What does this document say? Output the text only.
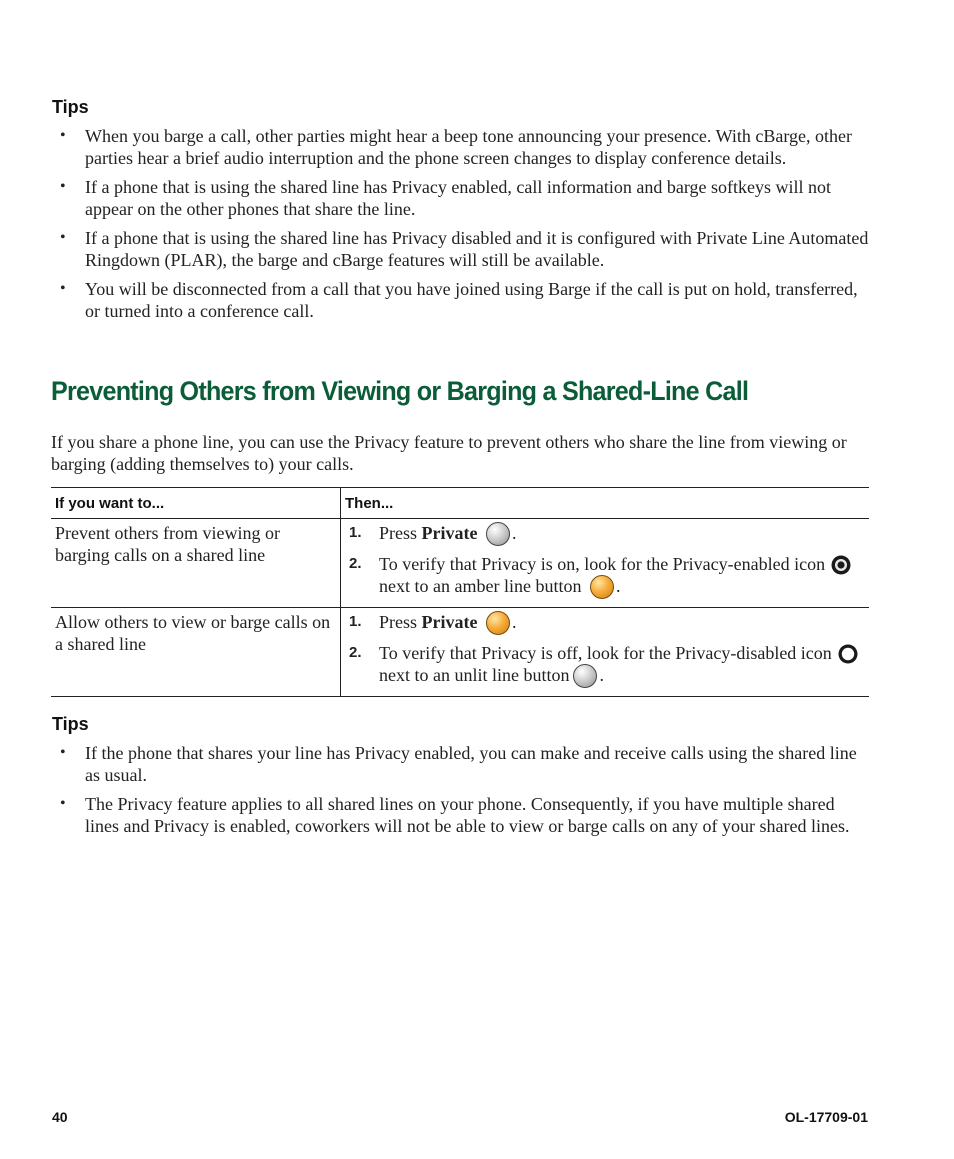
Tips
• When you barge a call, other parties might hear a beep tone announcing your presence. With cBarge, other parties hear a brief audio interruption and the phone screen changes to display conference details.
• If a phone that is using the shared line has Privacy enabled, call information and barge softkeys will not appear on the other phones that share the line.
• If a phone that is using the shared line has Privacy disabled and it is configured with Private Line Automated Ringdown (PLAR), the barge and cBarge features will still be available.
• You will be disconnected from a call that you have joined using Barge if the call is put on hold, transferred, or turned into a conference call.
Preventing Others from Viewing or Barging a Shared-Line Call

If you share a phone line, you can use the Privacy feature to prevent others who share the line from viewing or barging (adding themselves to) your calls.

If you want to...	Then...
Prevent others from viewing or barging calls on a shared line	1. Press Private .
2. To verify that Privacy is on, look for the Privacy-enabled iconnext to an amber line button .

Allow others to view or barge calls on a shared line	1. Press Private .
2. To verify that Privacy is off, look for the Privacy-disabled iconnext to an unlit line button .
Tips
• If the phone that shares your line has Privacy enabled, you can make and receive calls using the shared line as usual.
• The Privacy feature applies to all shared lines on your phone. Consequently, if you have multiple shared lines and Privacy is enabled, coworkers will not be able to view or barge calls on any of your shared lines.
40	OL-17709-01
